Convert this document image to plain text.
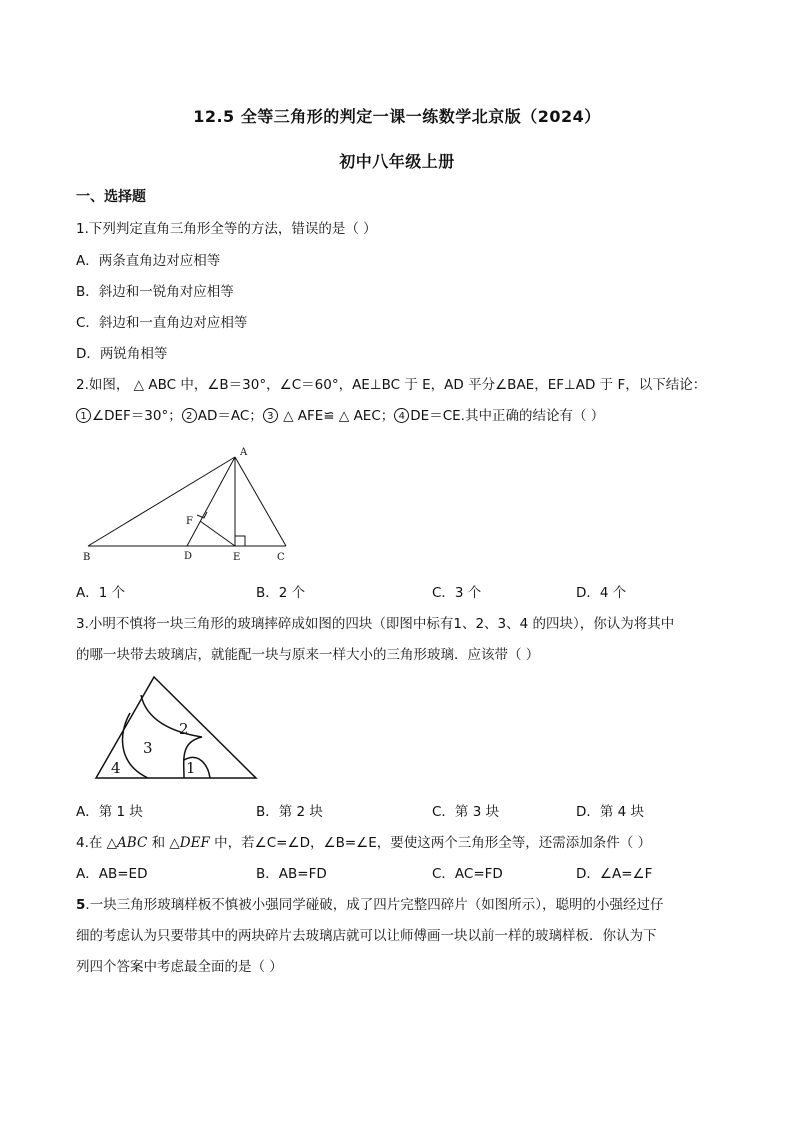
12.5 全等三角形的判定一课一练数学北京版（2024）
初中八年级上册
一、选择题
1.下列判定直角三角形全等的方法，错误的是（ ）
A．两条直角边对应相等
B．斜边和一锐角对应相等
C．斜边和一直角边对应相等
D．两锐角相等
2.如图， △ ABC 中，∠B＝30°，∠C＝60°，AE⊥BC 于 E，AD 平分∠BAE，EF⊥AD 于 F，以下结论：
1 ∠DEF＝30°； 2 AD＝AC； 3 △ AFE≌ △ AEC； 4 DE＝CE.其中正确的结论有（ ）
A
B	C
D	E
F
A．1 个	B．2 个	C．3 个	D．4 个
3.小明不慎将一块三角形的玻璃摔碎成如图的四块（即图中标有1、2、3、4 的四块），你认为将其中
的哪一块带去玻璃店，就能配一块与原来一样大小的三角形玻璃．应该带（ ）
4
3
2
1
A．第 1 块	B．第 2 块	C．第 3 块	D．第 4 块
4.在 △ABC 和 △DEF 中，若∠C=∠D，∠B=∠E，要使这两个三角形全等，还需添加条件（ ）
A．AB=ED	B．AB=FD	C．AC=FD	D．∠A=∠F
5.一块三角形玻璃样板不慎被小强同学碰破，成了四片完整四碎片（如图所示），聪明的小强经过仔
细的考虑认为只要带其中的两块碎片去玻璃店就可以让师傅画一块以前一样的玻璃样板．你认为下
列四个答案中考虑最全面的是（ ）
